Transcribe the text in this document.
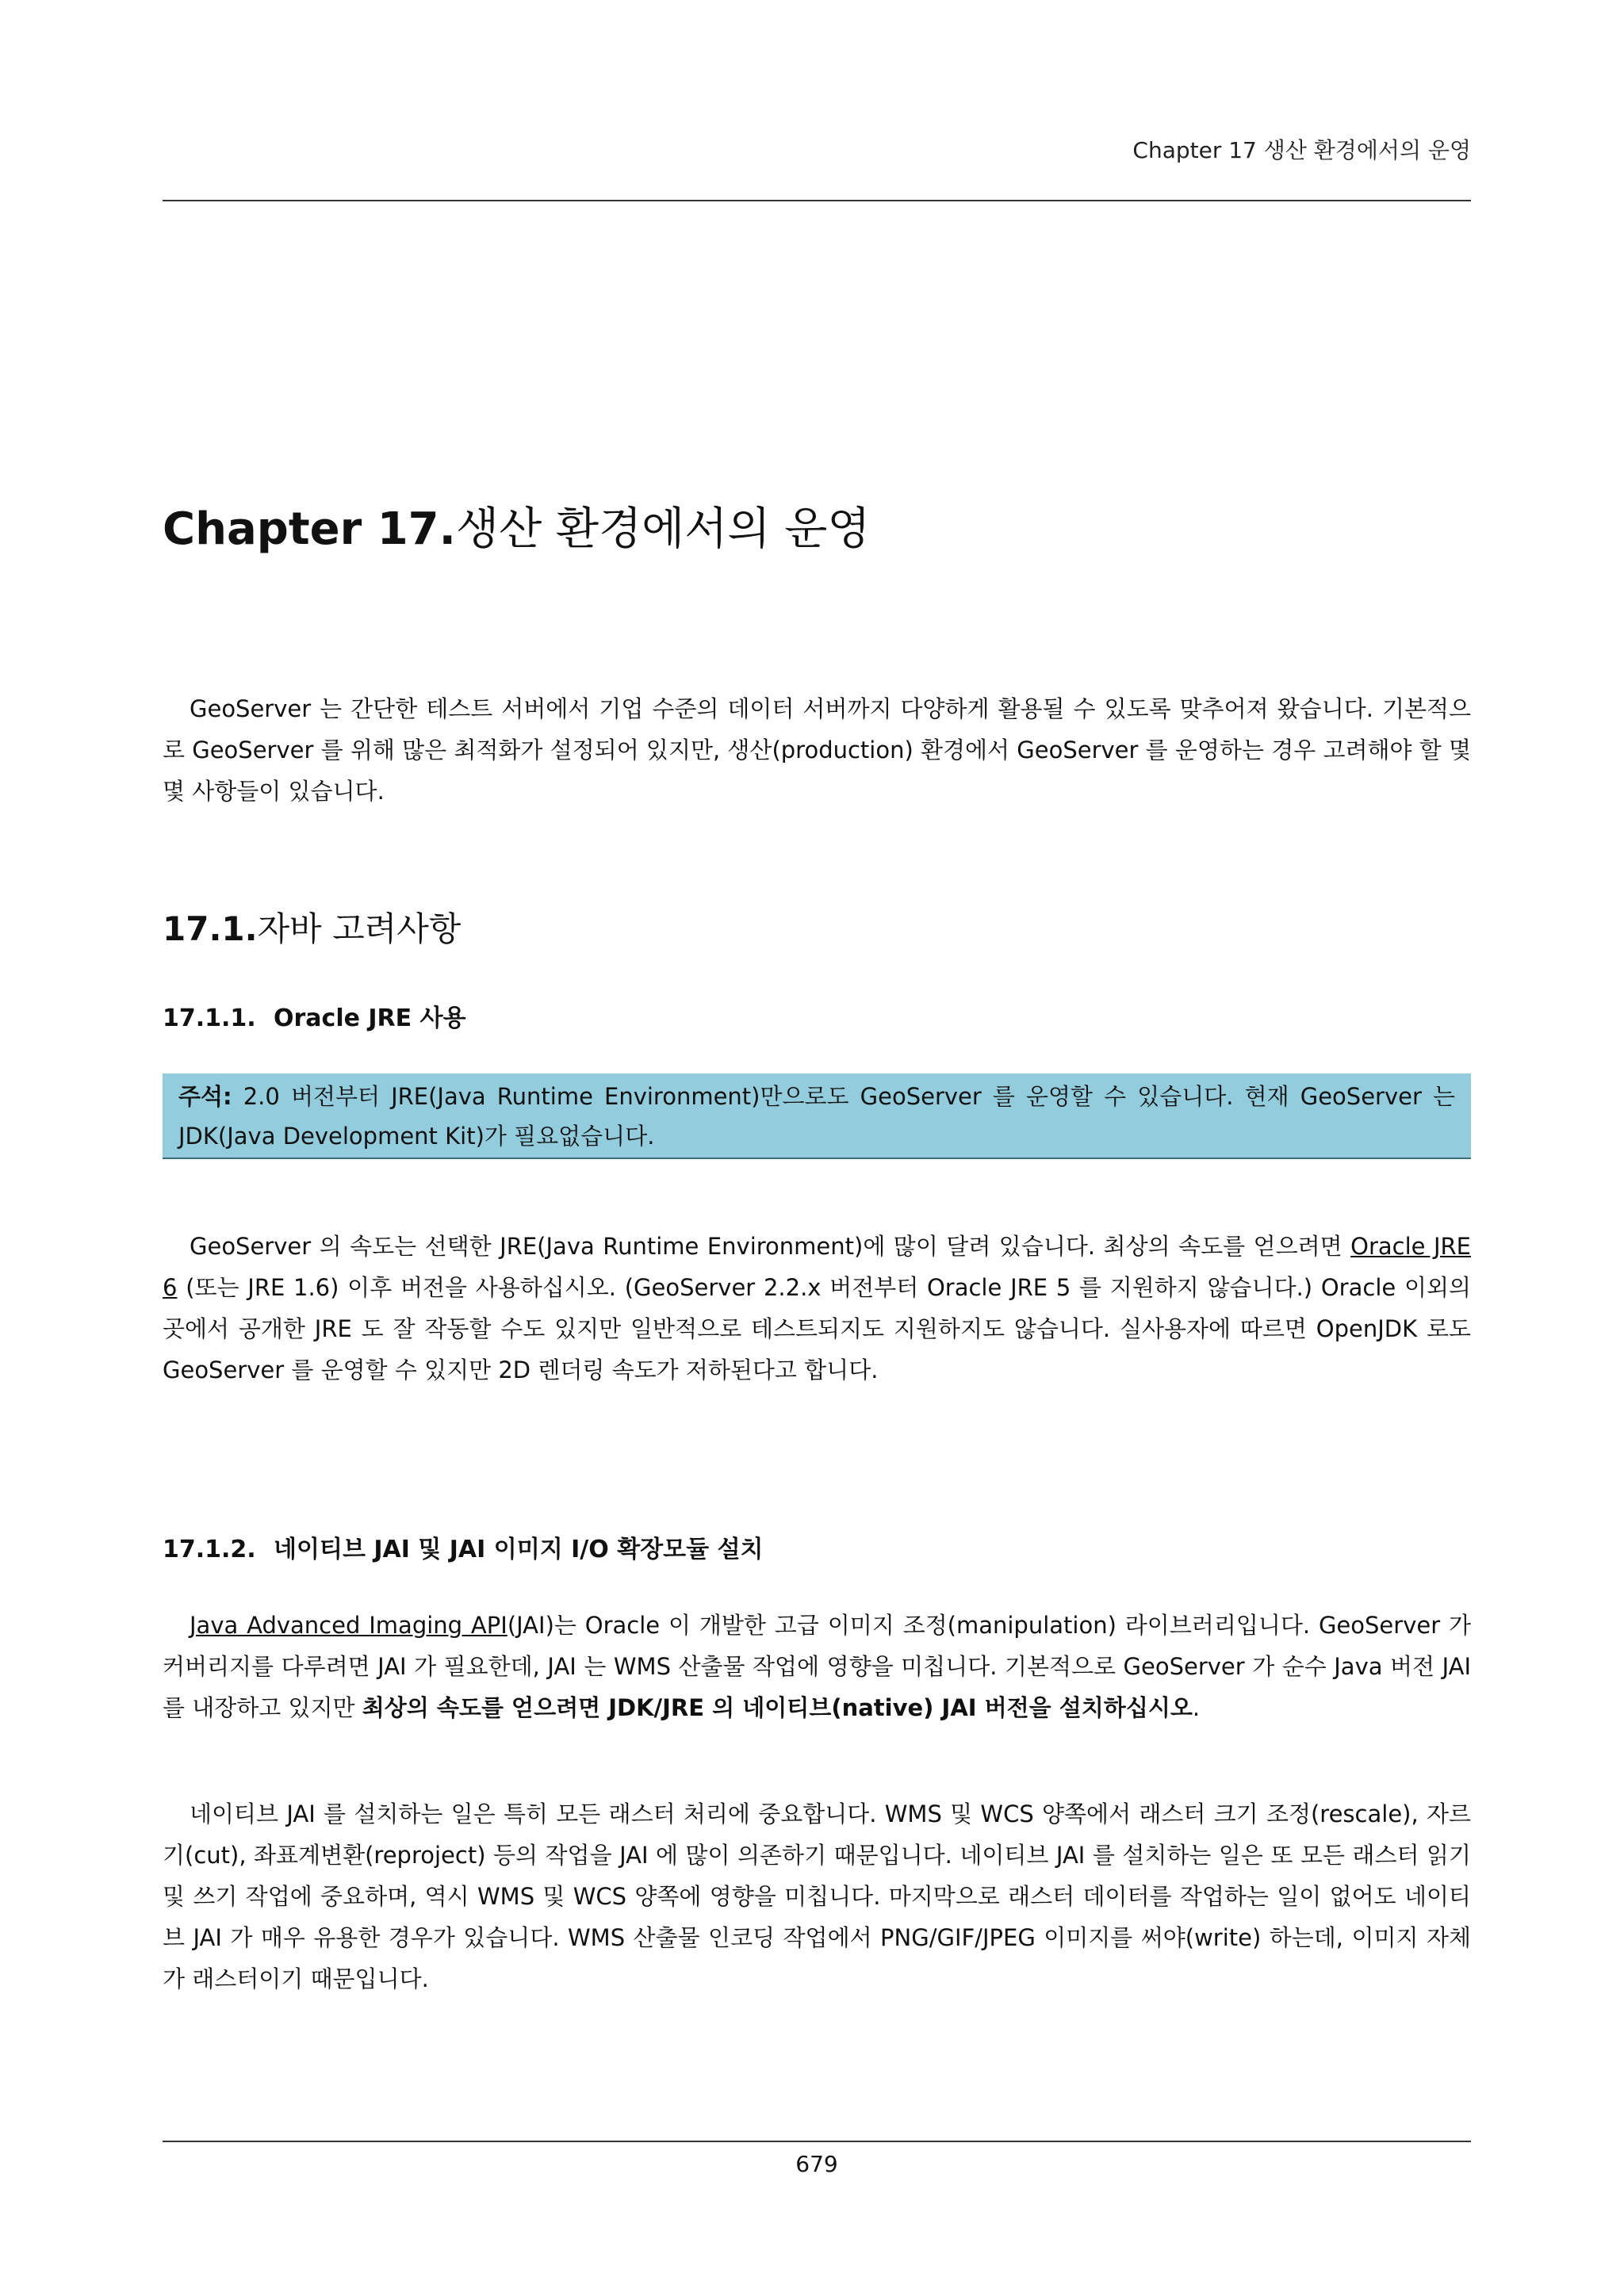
Chapter 17 생산 환경에서의 운영
Chapter 17.생산 환경에서의 운영

GeoServer 는 간단한 테스트 서버에서 기업 수준의 데이터 서버까지 다양하게 활용될 수 있도록 맞추어져 왔습니다. 기본적으로 GeoServer 를 위해 많은 최적화가 설정되어 있지만, 생산(production) 환경에서 GeoServer 를 운영하는 경우 고려해야 할 몇몇 사항들이 있습니다.

17.1.자바 고려사항
17.1.1. Oracle JRE 사용
주석: 2.0 버전부터 JRE(Java Runtime Environment)만으로도 GeoServer 를 운영할 수 있습니다. 현재 GeoServer 는 JDK(Java Development Kit)가 필요없습니다.

GeoServer 의 속도는 선택한 JRE(Java Runtime Environment)에 많이 달려 있습니다. 최상의 속도를 얻으려면 Oracle JRE 6 (또는 JRE 1.6) 이후 버전을 사용하십시오. (GeoServer 2.2.x 버전부터 Oracle JRE 5 를 지원하지 않습니다.) Oracle 이외의 곳에서 공개한 JRE 도 잘 작동할 수도 있지만 일반적으로 테스트되지도 지원하지도 않습니다. 실사용자에 따르면 OpenJDK 로도 GeoServer 를 운영할 수 있지만 2D 렌더링 속도가 저하된다고 합니다.

17.1.2. 네이티브 JAI 및 JAI 이미지 I/O 확장모듈 설치

Java Advanced Imaging API(JAI)는 Oracle 이 개발한 고급 이미지 조정(manipulation) 라이브러리입니다. GeoServer 가 커버리지를 다루려면 JAI 가 필요한데, JAI 는 WMS 산출물 작업에 영향을 미칩니다. 기본적으로 GeoServer 가 순수 Java 버전 JAI 를 내장하고 있지만 최상의 속도를 얻으려면 JDK/JRE 의 네이티브(native) JAI 버전을 설치하십시오.

네이티브 JAI 를 설치하는 일은 특히 모든 래스터 처리에 중요합니다. WMS 및 WCS 양쪽에서 래스터 크기 조정(rescale), 자르기(cut), 좌표계변환(reproject) 등의 작업을 JAI 에 많이 의존하기 때문입니다. 네이티브 JAI 를 설치하는 일은 또 모든 래스터 읽기 및 쓰기 작업에 중요하며, 역시 WMS 및 WCS 양쪽에 영향을 미칩니다. 마지막으로 래스터 데이터를 작업하는 일이 없어도 네이티브 JAI 가 매우 유용한 경우가 있습니다. WMS 산출물 인코딩 작업에서 PNG/GIF/JPEG 이미지를 써야(write) 하는데, 이미지 자체가 래스터이기 때문입니다.

679
